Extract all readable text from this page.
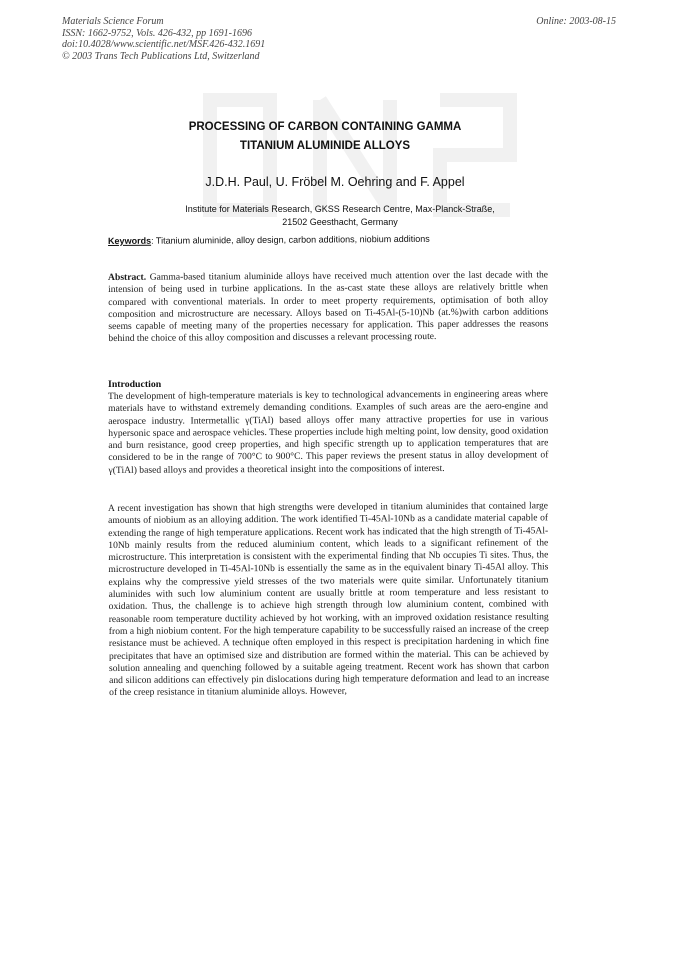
Materials Science Forum
ISSN: 1662-9752, Vols. 426-432, pp 1691-1696
doi:10.4028/www.scientific.net/MSF.426-432.1691
© 2003 Trans Tech Publications Ltd, Switzerland
Online: 2003-08-15
PROCESSING OF CARBON CONTAINING GAMMA
TITANIUM ALUMINIDE ALLOYS
J.D.H. Paul, U. Fröbel M. Oehring and F. Appel
Institute for Materials Research, GKSS Research Centre, Max-Planck-Straße,
21502 Geesthacht, Germany
Keywords: Titanium aluminide, alloy design, carbon additions, niobium additions
Abstract. Gamma-based titanium aluminide alloys have received much attention over the last decade with the intension of being used in turbine applications. In the as-cast state these alloys are relatively brittle when compared with conventional materials. In order to meet property requirements, optimisation of both alloy composition and microstructure are necessary. Alloys based on Ti-45Al-(5-10)Nb (at.%)with carbon additions seems capable of meeting many of the properties necessary for application. This paper addresses the reasons behind the choice of this alloy composition and discusses a relevant processing route.
Introduction
The development of high-temperature materials is key to technological advancements in engineering areas where materials have to withstand extremely demanding conditions. Examples of such areas are the aero-engine and aerospace industry. Intermetallic γ(TiAl) based alloys offer many attractive properties for use in various hypersonic space and aerospace vehicles. These properties include high melting point, low density, good oxidation and burn resistance, good creep properties, and high specific strength up to application temperatures that are considered to be in the range of 700°C to 900°C. This paper reviews the present status in alloy development of γ(TiAl) based alloys and provides a theoretical insight into the compositions of interest.
A recent investigation has shown that high strengths were developed in titanium aluminides that contained large amounts of niobium as an alloying addition. The work identified Ti-45Al-10Nb as a candidate material capable of extending the range of high temperature applications. Recent work has indicated that the high strength of Ti-45Al-10Nb mainly results from the reduced aluminium content, which leads to a significant refinement of the microstructure. This interpretation is consistent with the experimental finding that Nb occupies Ti sites. Thus, the microstructure developed in Ti-45Al-10Nb is essentially the same as in the equivalent binary Ti-45Al alloy. This explains why the compressive yield stresses of the two materials were quite similar. Unfortunately titanium aluminides with such low aluminium content are usually brittle at room temperature and less resistant to oxidation. Thus, the challenge is to achieve high strength through low aluminium content, combined with reasonable room temperature ductility achieved by hot working, with an improved oxidation resistance resulting from a high niobium content. For the high temperature capability to be successfully raised an increase of the creep resistance must be achieved. A technique often employed in this respect is precipitation hardening in which fine precipitates that have an optimised size and distribution are formed within the material. This can be achieved by solution annealing and quenching followed by a suitable ageing treatment. Recent work has shown that carbon and silicon additions can effectively pin dislocations during high temperature deformation and lead to an increase of the creep resistance in titanium aluminide alloys. However,
